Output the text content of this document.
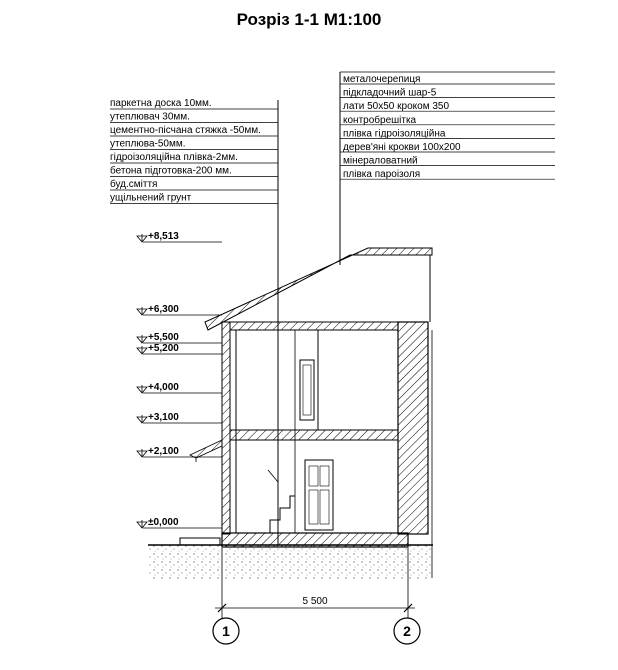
Розріз 1-1 М1:100
металочерепиця
підкладочний шар-5
лати 50х50 кроком 350
контробрешітка
плівка гідроізоляційна
дерев'яні крокви 100х200
мінераловатний
плівка пароізоля
паркетна доска 10мм.
утеплювач 30мм.
цементно-пісчана стяжка -50мм.
утеплюва-50мм.
гідроізоляційна плівка-2мм.
бетона підготовка-200 мм.
буд.сміття
ущільнений грунт
+8,513
+6,300
+5,500
+5,200
+4,000
+3,100
+2,100
±0,000
5 500
1	2
